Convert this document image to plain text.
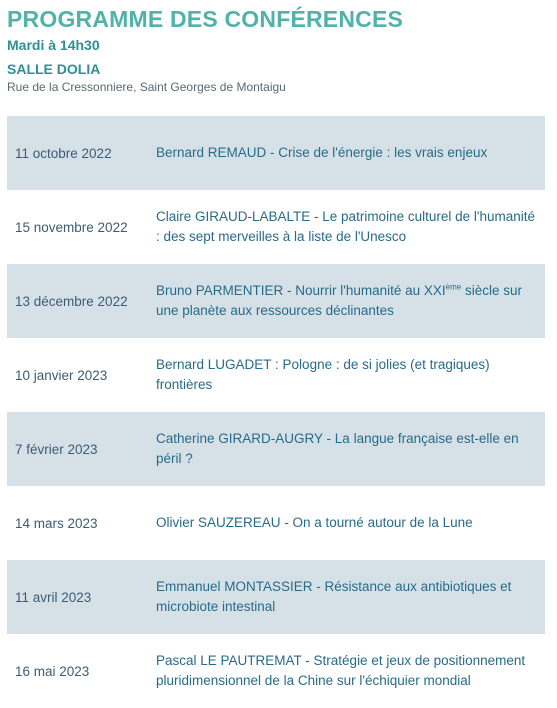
PROGRAMME DES CONFÉRENCES
Mardi à 14h30
SALLE DOLIA
Rue de la Cressonniere, Saint Georges de Montaigu
11 octobre 2022	Bernard REMAUD - Crise de l'énergie : les vrais enjeux
15 novembre 2022
Claire GIRAUD-LABALTE - Le patrimoine culturel de l'humanité : des sept merveilles à la liste de l'Unesco
13 décembre 2022
Bruno PARMENTIER - Nourrir l'humanité au XXIème siècle sur une planète aux ressources déclinantes
10 janvier 2023
Bernard LUGADET : Pologne : de si jolies (et tragiques) frontières
7 février 2023
Catherine GIRARD-AUGRY - La langue française est-elle en péril ?
14 mars 2023	Olivier SAUZEREAU - On a tourné autour de la Lune
11 avril 2023
Emmanuel MONTASSIER - Résistance aux antibiotiques et microbiote intestinal
16 mai 2023
Pascal LE PAUTREMAT - Stratégie et jeux de positionnement pluridimensionnel de la Chine sur l'échiquier mondial
